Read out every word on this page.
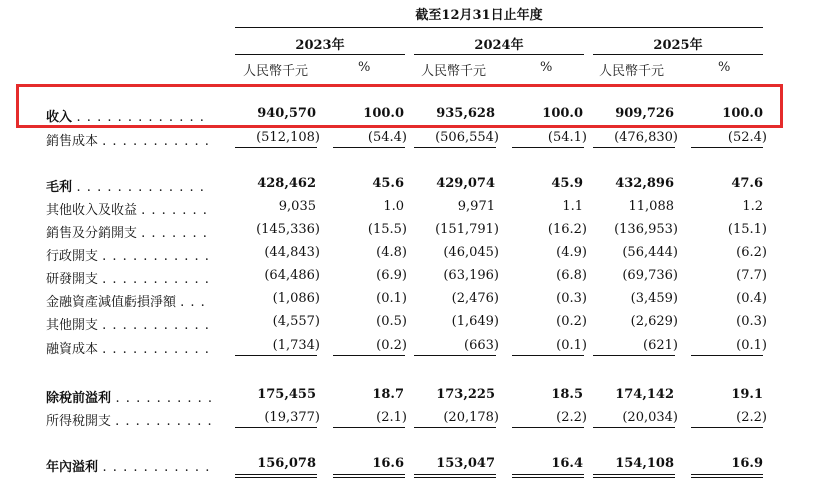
截至12月31日止年度
2023年	2024年	2025年
人民幣千元	%	人民幣千元	%	人民幣千元	%
收入 . . . . . . . . . . . . .	940,570	100.0	935,628	100.0	909,726	100.0
銷售成本 . . . . . . . . . . .	(512,108)	(54.4)	(506,554)	(54.1)	(476,830)	(52.4)
毛利 . . . . . . . . . . . . .	428,462	45.6	429,074	45.9	432,896	47.6
其他收入及收益 . . . . . . .	9,035	1.0	9,971	1.1	11,088	1.2
銷售及分銷開支 . . . . . . .	(145,336)	(15.5)	(151,791)	(16.2)	(136,953)	(15.1)
行政開支 . . . . . . . . . . .	(44,843)	(4.8)	(46,045)	(4.9)	(56,444)	(6.2)
研發開支 . . . . . . . . . . .	(64,486)	(6.9)	(63,196)	(6.8)	(69,736)	(7.7)
金融資產減值虧損淨額 . . .	(1,086)	(0.1)	(2,476)	(0.3)	(3,459)	(0.4)
其他開支 . . . . . . . . . . .	(4,557)	(0.5)	(1,649)	(0.2)	(2,629)	(0.3)
融資成本 . . . . . . . . . . .	(1,734)	(0.2)	(663)	(0.1)	(621)	(0.1)
除稅前溢利 . . . . . . . . . .	175,455	18.7	173,225	18.5	174,142	19.1
所得稅開支 . . . . . . . . . .	(19,377)	(2.1)	(20,178)	(2.2)	(20,034)	(2.2)
年內溢利 . . . . . . . . . . .	156,078	16.6	153,047	16.4	154,108	16.9
